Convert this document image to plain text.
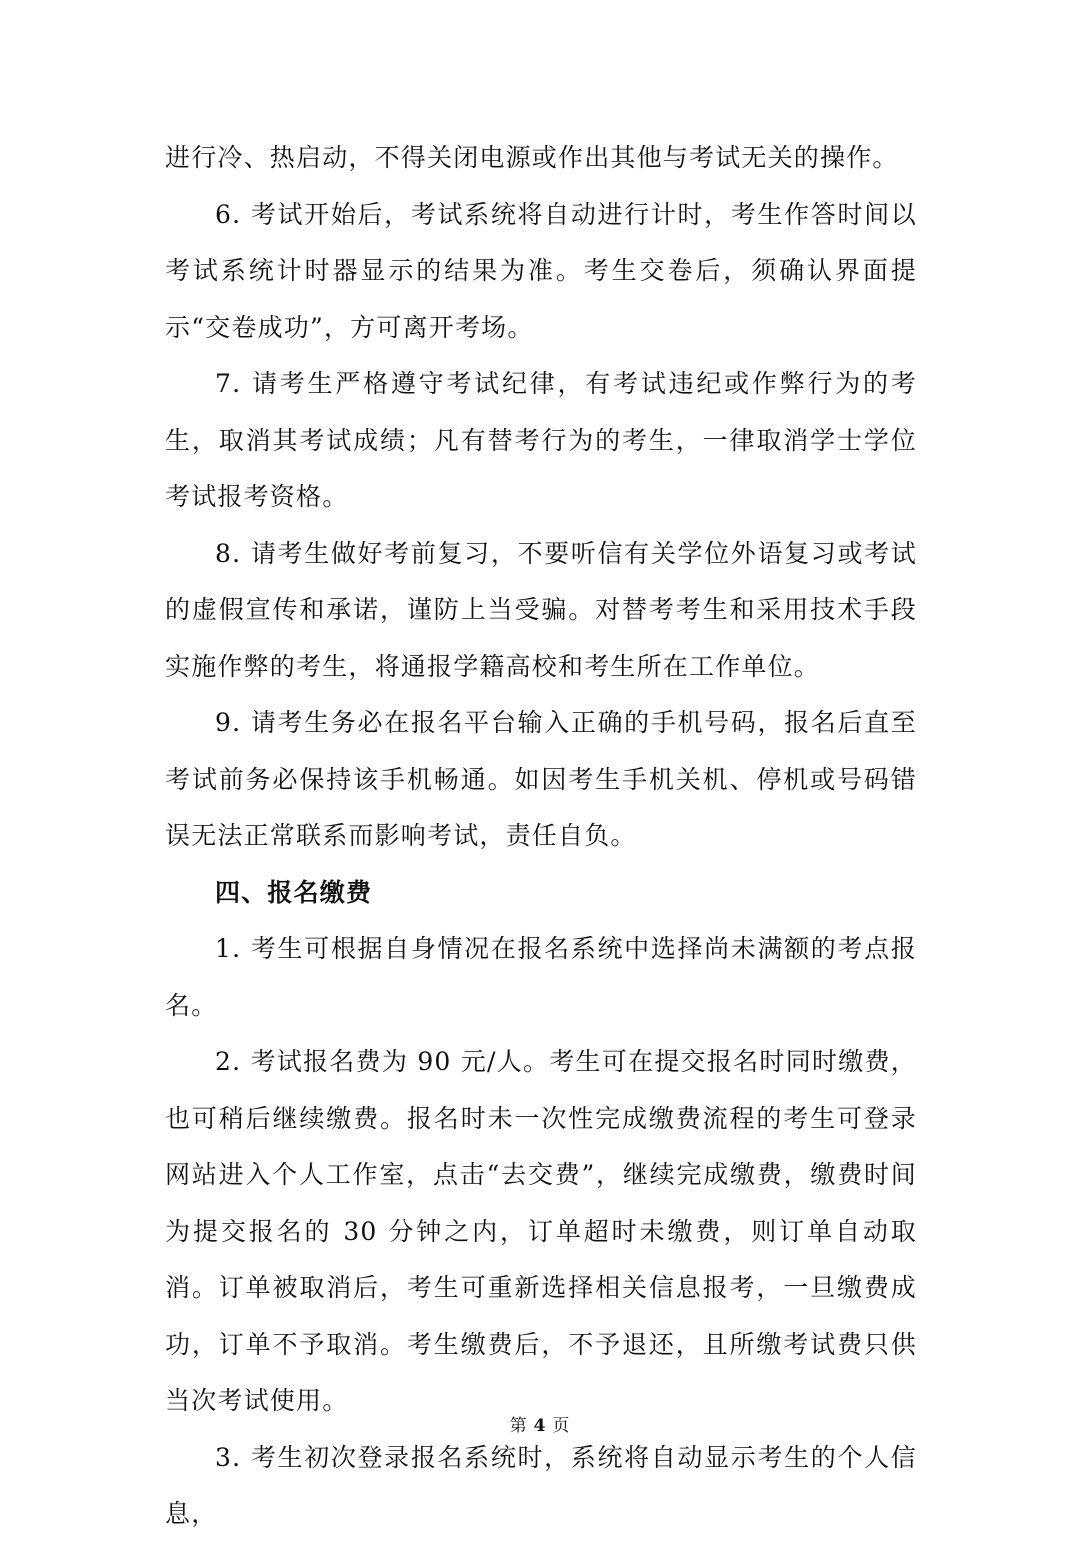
进行冷、热启动，不得关闭电源或作出其他与考试无关的操作。

6. 考试开始后，考试系统将自动进行计时，考生作答时间以考试系统计时器显示的结果为准。考生交卷后，须确认界面提示“交卷成功”，方可离开考场。

7. 请考生严格遵守考试纪律，有考试违纪或作弊行为的考生，取消其考试成绩；凡有替考行为的考生，一律取消学士学位考试报考资格。

8. 请考生做好考前复习，不要听信有关学位外语复习或考试的虚假宣传和承诺，谨防上当受骗。对替考考生和采用技术手段实施作弊的考生，将通报学籍高校和考生所在工作单位。

9. 请考生务必在报名平台输入正确的手机号码，报名后直至考试前务必保持该手机畅通。如因考生手机关机、停机或号码错误无法正常联系而影响考试，责任自负。

四、报名缴费

1. 考生可根据自身情况在报名系统中选择尚未满额的考点报名。

2. 考试报名费为 90 元/人。考生可在提交报名时同时缴费，也可稍后继续缴费。报名时未一次性完成缴费流程的考生可登录网站进入个人工作室，点击“去交费”，继续完成缴费，缴费时间为提交报名的 30 分钟之内，订单超时未缴费，则订单自动取消。订单被取消后，考生可重新选择相关信息报考，一旦缴费成功，订单不予取消。考生缴费后，不予退还，且所缴考试费只供当次考试使用。

3. 考生初次登录报名系统时，系统将自动显示考生的个人信息，

第 4 页
